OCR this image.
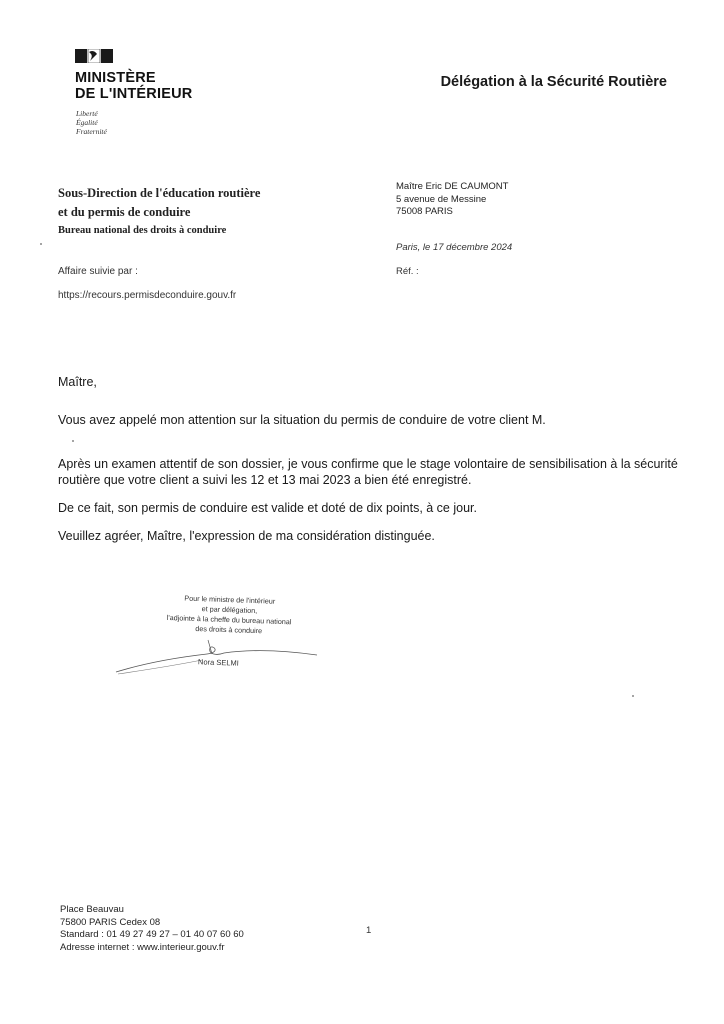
MINISTÈRE
DE L'INTÉRIEUR
Liberté
Égalité
Fraternité
Délégation à la Sécurité Routière
Sous-Direction de l'éducation routière
et du permis de conduire
Bureau national des droits à conduire
Affaire suivie par :
https://recours.permisdeconduire.gouv.fr
Maître Eric DE CAUMONT
5 avenue de Messine
75008 PARIS
Paris, le 17 décembre 2024
Réf. :
Maître,
Vous avez appelé mon attention sur la situation du permis de conduire de votre client M.
Après un examen attentif de son dossier, je vous confirme que le stage volontaire de sensibilisation à la sécurité routière que votre client a suivi les 12 et 13 mai 2023 a bien été enregistré.
De ce fait, son permis de conduire est valide et doté de dix points, à ce jour.
Veuillez agréer, Maître, l'expression de ma considération distinguée.
Pour le ministre de l'intérieur
et par délégation,
l'adjointe à la cheffe du bureau national
des droits à conduire
Nora SELMI
Place Beauvau
75800 PARIS Cedex 08
Standard : 01 49 27 49 27 – 01 40 07 60 60
Adresse internet : www.interieur.gouv.fr
1
